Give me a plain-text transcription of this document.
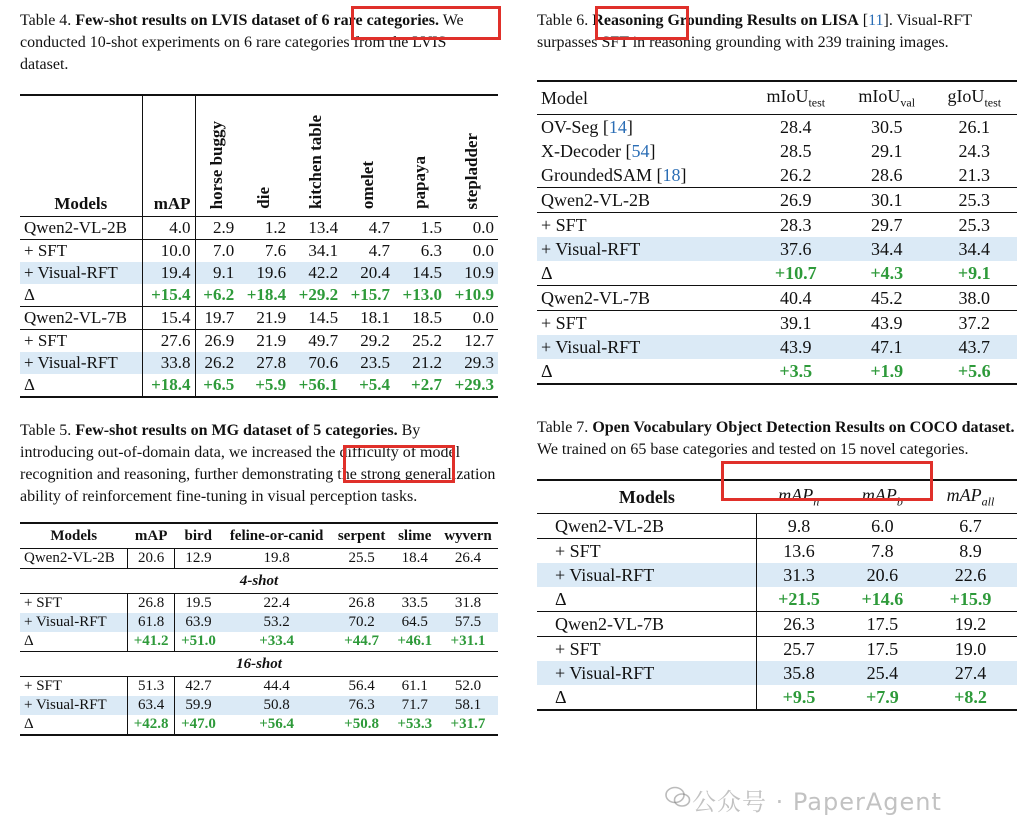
Table 4. Few-shot results on LVIS dataset of 6 rare categories. We conducted 10-shot experiments on 6 rare categories from the LVIS dataset.

Models	mAP	horse buggy	die	kitchen table	omelet	papaya	stepladder
Qwen2-VL-2B	4.0	2.9	1.2	13.4	4.7	1.5	0.0
+ SFT	10.0	7.0	7.6	34.1	4.7	6.3	0.0
+ Visual-RFT	19.4	9.1	19.6	42.2	20.4	14.5	10.9
Δ	+15.4	+6.2	+18.4	+29.2	+15.7	+13.0	+10.9
Qwen2-VL-7B	15.4	19.7	21.9	14.5	18.1	18.5	0.0
+ SFT	27.6	26.9	21.9	49.7	29.2	25.2	12.7
+ Visual-RFT	33.8	26.2	27.8	70.6	23.5	21.2	29.3
Δ	+18.4	+6.5	+5.9	+56.1	+5.4	+2.7	+29.3

Table 5. Few-shot results on MG dataset of 5 categories. By introducing out-of-domain data, we increased the difficulty of model recognition and reasoning, further demonstrating the strong generalization ability of reinforcement fine-tuning in visual perception tasks.

Models	mAP	bird	feline-or-canid	serpent	slime	wyvern
Qwen2-VL-2B	20.6	12.9	19.8	25.5	18.4	26.4
4-shot						
+ SFT	26.8	19.5	22.4	26.8	33.5	31.8
+ Visual-RFT	61.8	63.9	53.2	70.2	64.5	57.5
Δ	+41.2	+51.0	+33.4	+44.7	+46.1	+31.1
16-shot						
+ SFT	51.3	42.7	44.4	56.4	61.1	52.0
+ Visual-RFT	63.4	59.9	50.8	76.3	71.7	58.1
Δ	+42.8	+47.0	+56.4	+50.8	+53.3	+31.7

Table 6. Reasoning Grounding Results on LISA [11]. Visual-RFT surpasses SFT in reasoning grounding with 239 training images.

Model	mIoU$_{test}$	mIoU$_{val}$	gIoU$_{test}$
OV-Seg [14]	28.4	30.5	26.1
X-Decoder [54]	28.5	29.1	24.3
GroundedSAM [18]	26.2	28.6	21.3
Qwen2-VL-2B	26.9	30.1	25.3
+ SFT	28.3	29.7	25.3
+ Visual-RFT	37.6	34.4	34.4
Δ	+10.7	+4.3	+9.1
Qwen2-VL-7B	40.4	45.2	38.0
+ SFT	39.1	43.9	37.2
+ Visual-RFT	43.9	47.1	43.7
Δ	+3.5	+1.9	+5.6

Table 7. Open Vocabulary Object Detection Results on COCO dataset. We trained on 65 base categories and tested on 15 novel categories.

Models	mAP$_n$	mAP$_b$	mAP$_{all}$
Qwen2-VL-2B	9.8	6.0	6.7
+ SFT	13.6	7.8	8.9
+ Visual-RFT	31.3	20.6	22.6
Δ	+21.5	+14.6	+15.9
Qwen2-VL-7B	26.3	17.5	19.2
+ SFT	25.7	17.5	19.0
+ Visual-RFT	35.8	25.4	27.4
Δ	+9.5	+7.9	+8.2
公众号 · PaperAgent
